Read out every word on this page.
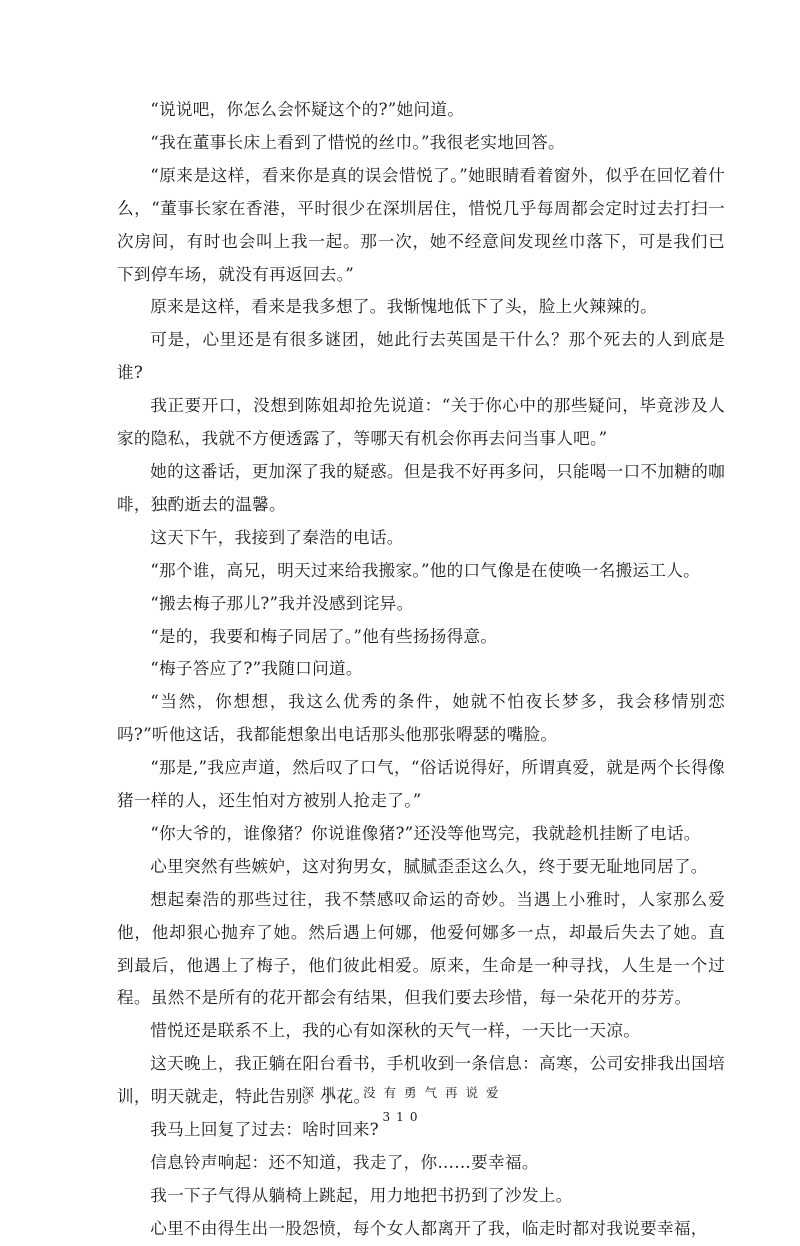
“说说吧，你怎么会怀疑这个的?”她问道。

“我在董事长床上看到了惜悦的丝巾。”我很老实地回答。

“原来是这样，看来你是真的误会惜悦了。”她眼睛看着窗外，似乎在回忆着什么，“董事长家在香港，平时很少在深圳居住，惜悦几乎每周都会定时过去打扫一次房间，有时也会叫上我一起。那一次，她不经意间发现丝巾落下，可是我们已下到停车场，就没有再返回去。”

原来是这样，看来是我多想了。我惭愧地低下了头，脸上火辣辣的。

可是，心里还是有很多谜团，她此行去英国是干什么？那个死去的人到底是谁?

我正要开口，没想到陈姐却抢先说道：“关于你心中的那些疑问，毕竟涉及人家的隐私，我就不方便透露了，等哪天有机会你再去问当事人吧。”

她的这番话，更加深了我的疑惑。但是我不好再多问，只能喝一口不加糖的咖啡，独酌逝去的温馨。

这天下午，我接到了秦浩的电话。

“那个谁，高兄，明天过来给我搬家。”他的口气像是在使唤一名搬运工人。

“搬去梅子那儿?”我并没感到诧异。

“是的，我要和梅子同居了。”他有些扬扬得意。

“梅子答应了?”我随口问道。

“当然，你想想，我这么优秀的条件，她就不怕夜长梦多，我会移情别恋吗?”听他这话，我都能想象出电话那头他那张嘚瑟的嘴脸。

“那是,”我应声道，然后叹了口气，“俗话说得好，所谓真爱，就是两个长得像猪一样的人，还生怕对方被别人抢走了。”

“你大爷的，谁像猪？你说谁像猪?”还没等他骂完，我就趁机挂断了电话。

心里突然有些嫉妒，这对狗男女，腻腻歪歪这么久，终于要无耻地同居了。

想起秦浩的那些过往，我不禁感叹命运的奇妙。当遇上小雅时，人家那么爱他，他却狠心抛弃了她。然后遇上何娜，他爱何娜多一点，却最后失去了她。直到最后，他遇上了梅子，他们彼此相爱。原来，生命是一种寻找，人生是一个过程。虽然不是所有的花开都会有结果，但我们要去珍惜，每一朵花开的芬芳。

惜悦还是联系不上，我的心有如深秋的天气一样，一天比一天凉。

这天晚上，我正躺在阳台看书，手机收到一条信息：高寒，公司安排我出国培训，明天就走，特此告别。小花。

我马上回复了过去：啥时回来?

信息铃声响起：还不知道，我走了，你……要幸福。

我一下子气得从躺椅上跳起，用力地把书扔到了沙发上。

心里不由得生出一股怨愤，每个女人都离开了我，临走时都对我说要幸福，

深圳，没有勇气再说爱
310
